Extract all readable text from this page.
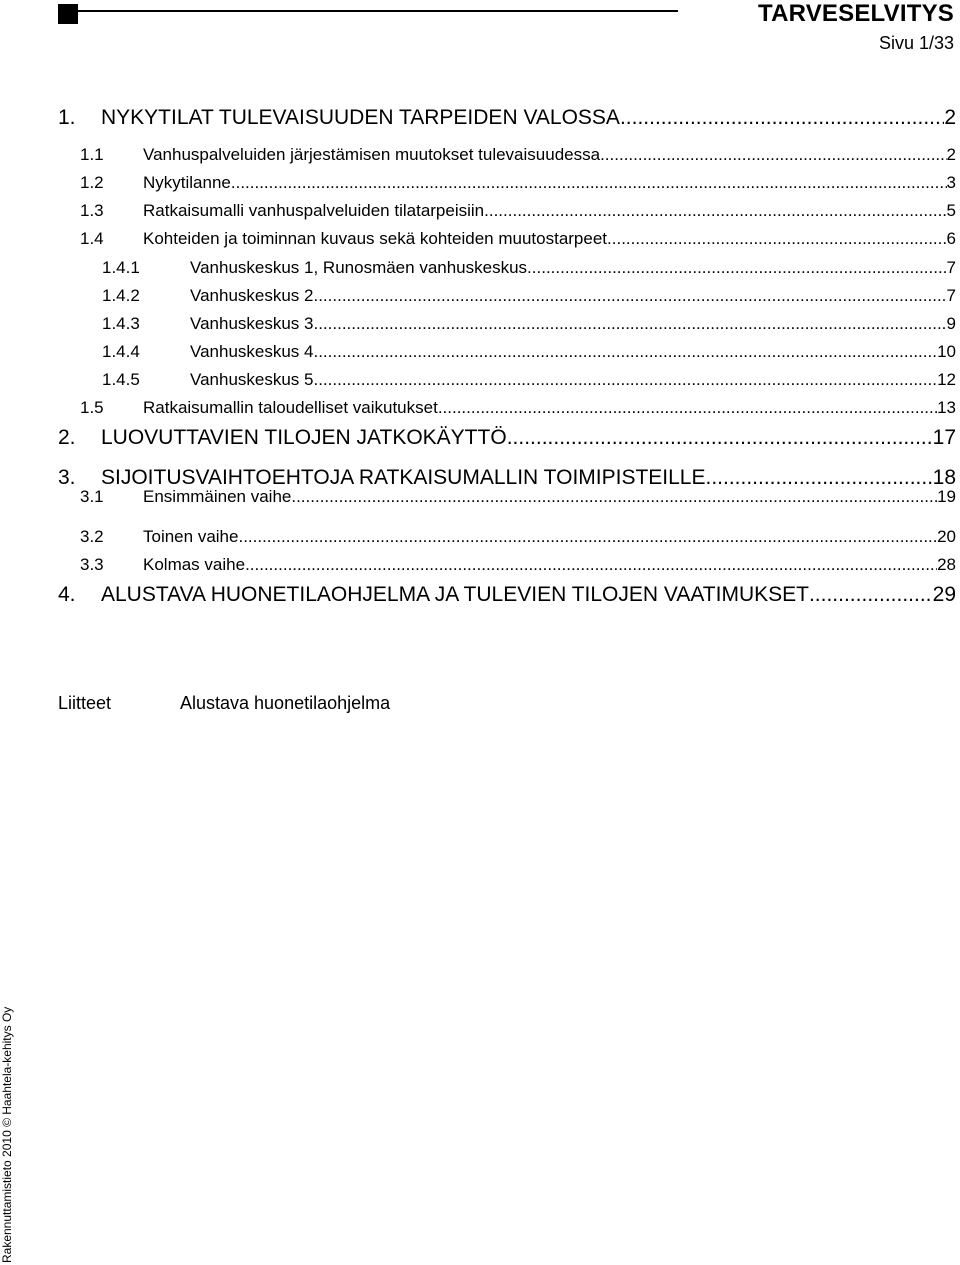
TARVESELVITYS
Sivu 1/33
1.	NYKYTILAT TULEVAISUUDEN TARPEIDEN VALOSSA .....	2
1.1	Vanhuspalveluiden järjestämisen muutokset tulevaisuudessa .....	2
1.2	Nykytilanne .....	3
1.3	Ratkaisumalli vanhuspalveluiden tilatarpeisiin .....	5
1.4	Kohteiden ja toiminnan kuvaus sekä kohteiden muutostarpeet .....	6
1.4.1	Vanhuskeskus 1, Runosmäen vanhuskeskus .....	7
1.4.2	Vanhuskeskus 2 .....	7
1.4.3	Vanhuskeskus 3 .....	9
1.4.4	Vanhuskeskus 4 .....	10
1.4.5	Vanhuskeskus 5 .....	12
1.5	Ratkaisumallin taloudelliset vaikutukset .....	13
2.	LUOVUTTAVIEN TILOJEN JATKOKÄYTTÖ .....	17
3.	SIJOITUSVAIHTOEHTOJA RATKAISUMALLIN TOIMIPISTEILLE .....	18
3.1	Ensimmäinen vaihe .....	19
3.2	Toinen vaihe .....	20
3.3	Kolmas vaihe .....	28
4.	ALUSTAVA HUONETILAOHJELMA JA TULEVIEN TILOJEN VAATIMUKSET .....	29
Liitteet	Alustava huonetilaohjelma
Rakennuttamistieto 2010 © Haahtela-kehitys Oy
